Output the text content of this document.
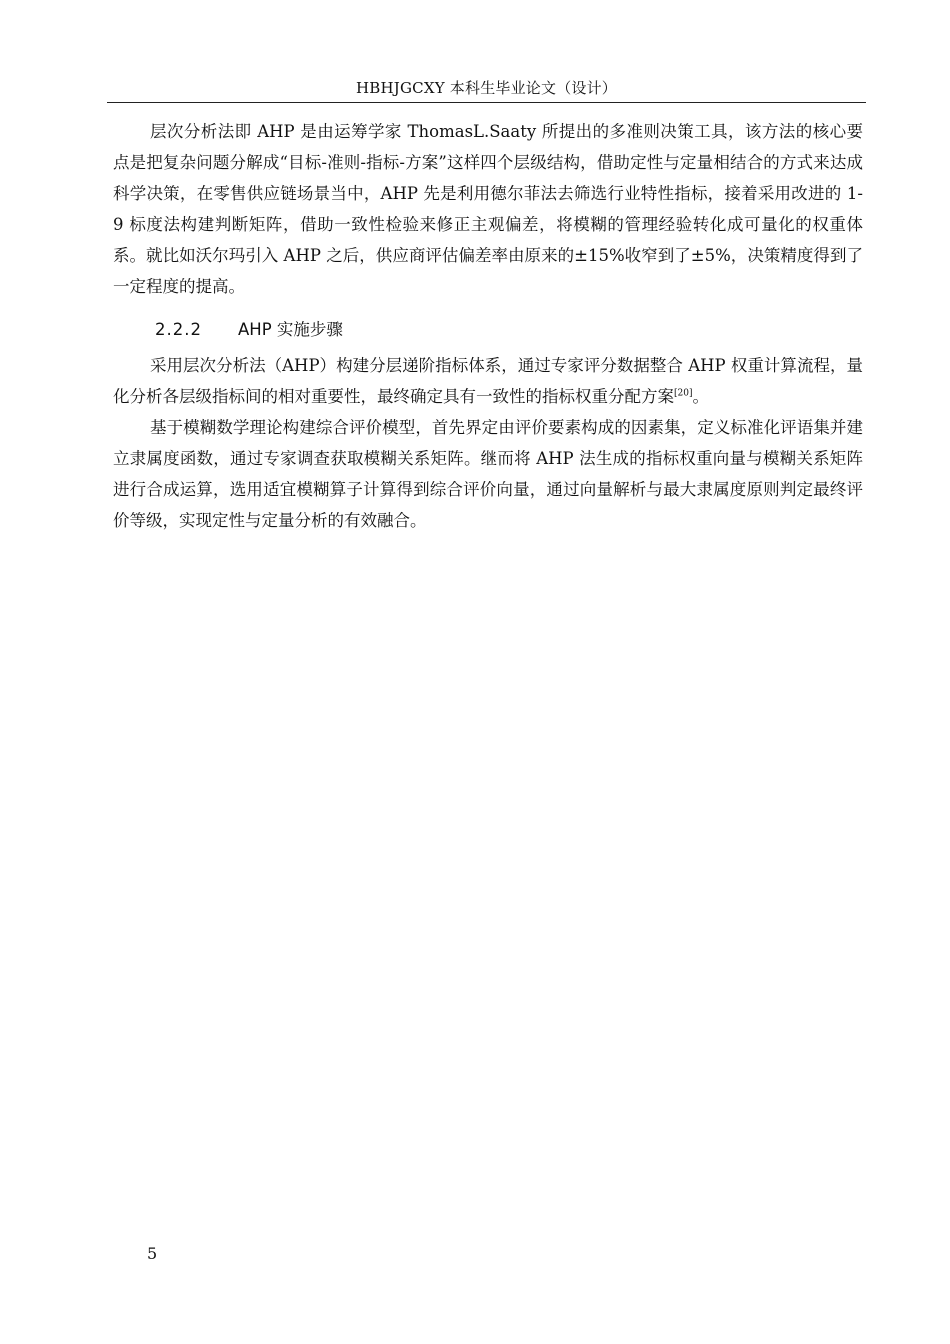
HBHJGCXY 本科生毕业论文（设计）

层次分析法即 AHP 是由运筹学家 ThomasL.Saaty 所提出的多准则决策工具，该方法的核心要点是把复杂问题分解成“目标-准则-指标-方案”这样四个层级结构，借助定性与定量相结合的方式来达成科学决策，在零售供应链场景当中，AHP 先是利用德尔菲法去筛选行业特性指标，接着采用改进的 1-9 标度法构建判断矩阵，借助一致性检验来修正主观偏差，将模糊的管理经验转化成可量化的权重体系。就比如沃尔玛引入 AHP 之后，供应商评估偏差率由原来的±15%收窄到了±5%，决策精度得到了一定程度的提高。

2.2.2 AHP 实施步骤

采用层次分析法（AHP）构建分层递阶指标体系，通过专家评分数据整合 AHP 权重计算流程，量化分析各层级指标间的相对重要性，最终确定具有一致性的指标权重分配方案[20]。

基于模糊数学理论构建综合评价模型，首先界定由评价要素构成的因素集，定义标准化评语集并建立隶属度函数，通过专家调查获取模糊关系矩阵。继而将 AHP 法生成的指标权重向量与模糊关系矩阵进行合成运算，选用适宜模糊算子计算得到综合评价向量，通过向量解析与最大隶属度原则判定最终评价等级，实现定性与定量分析的有效融合。

5
